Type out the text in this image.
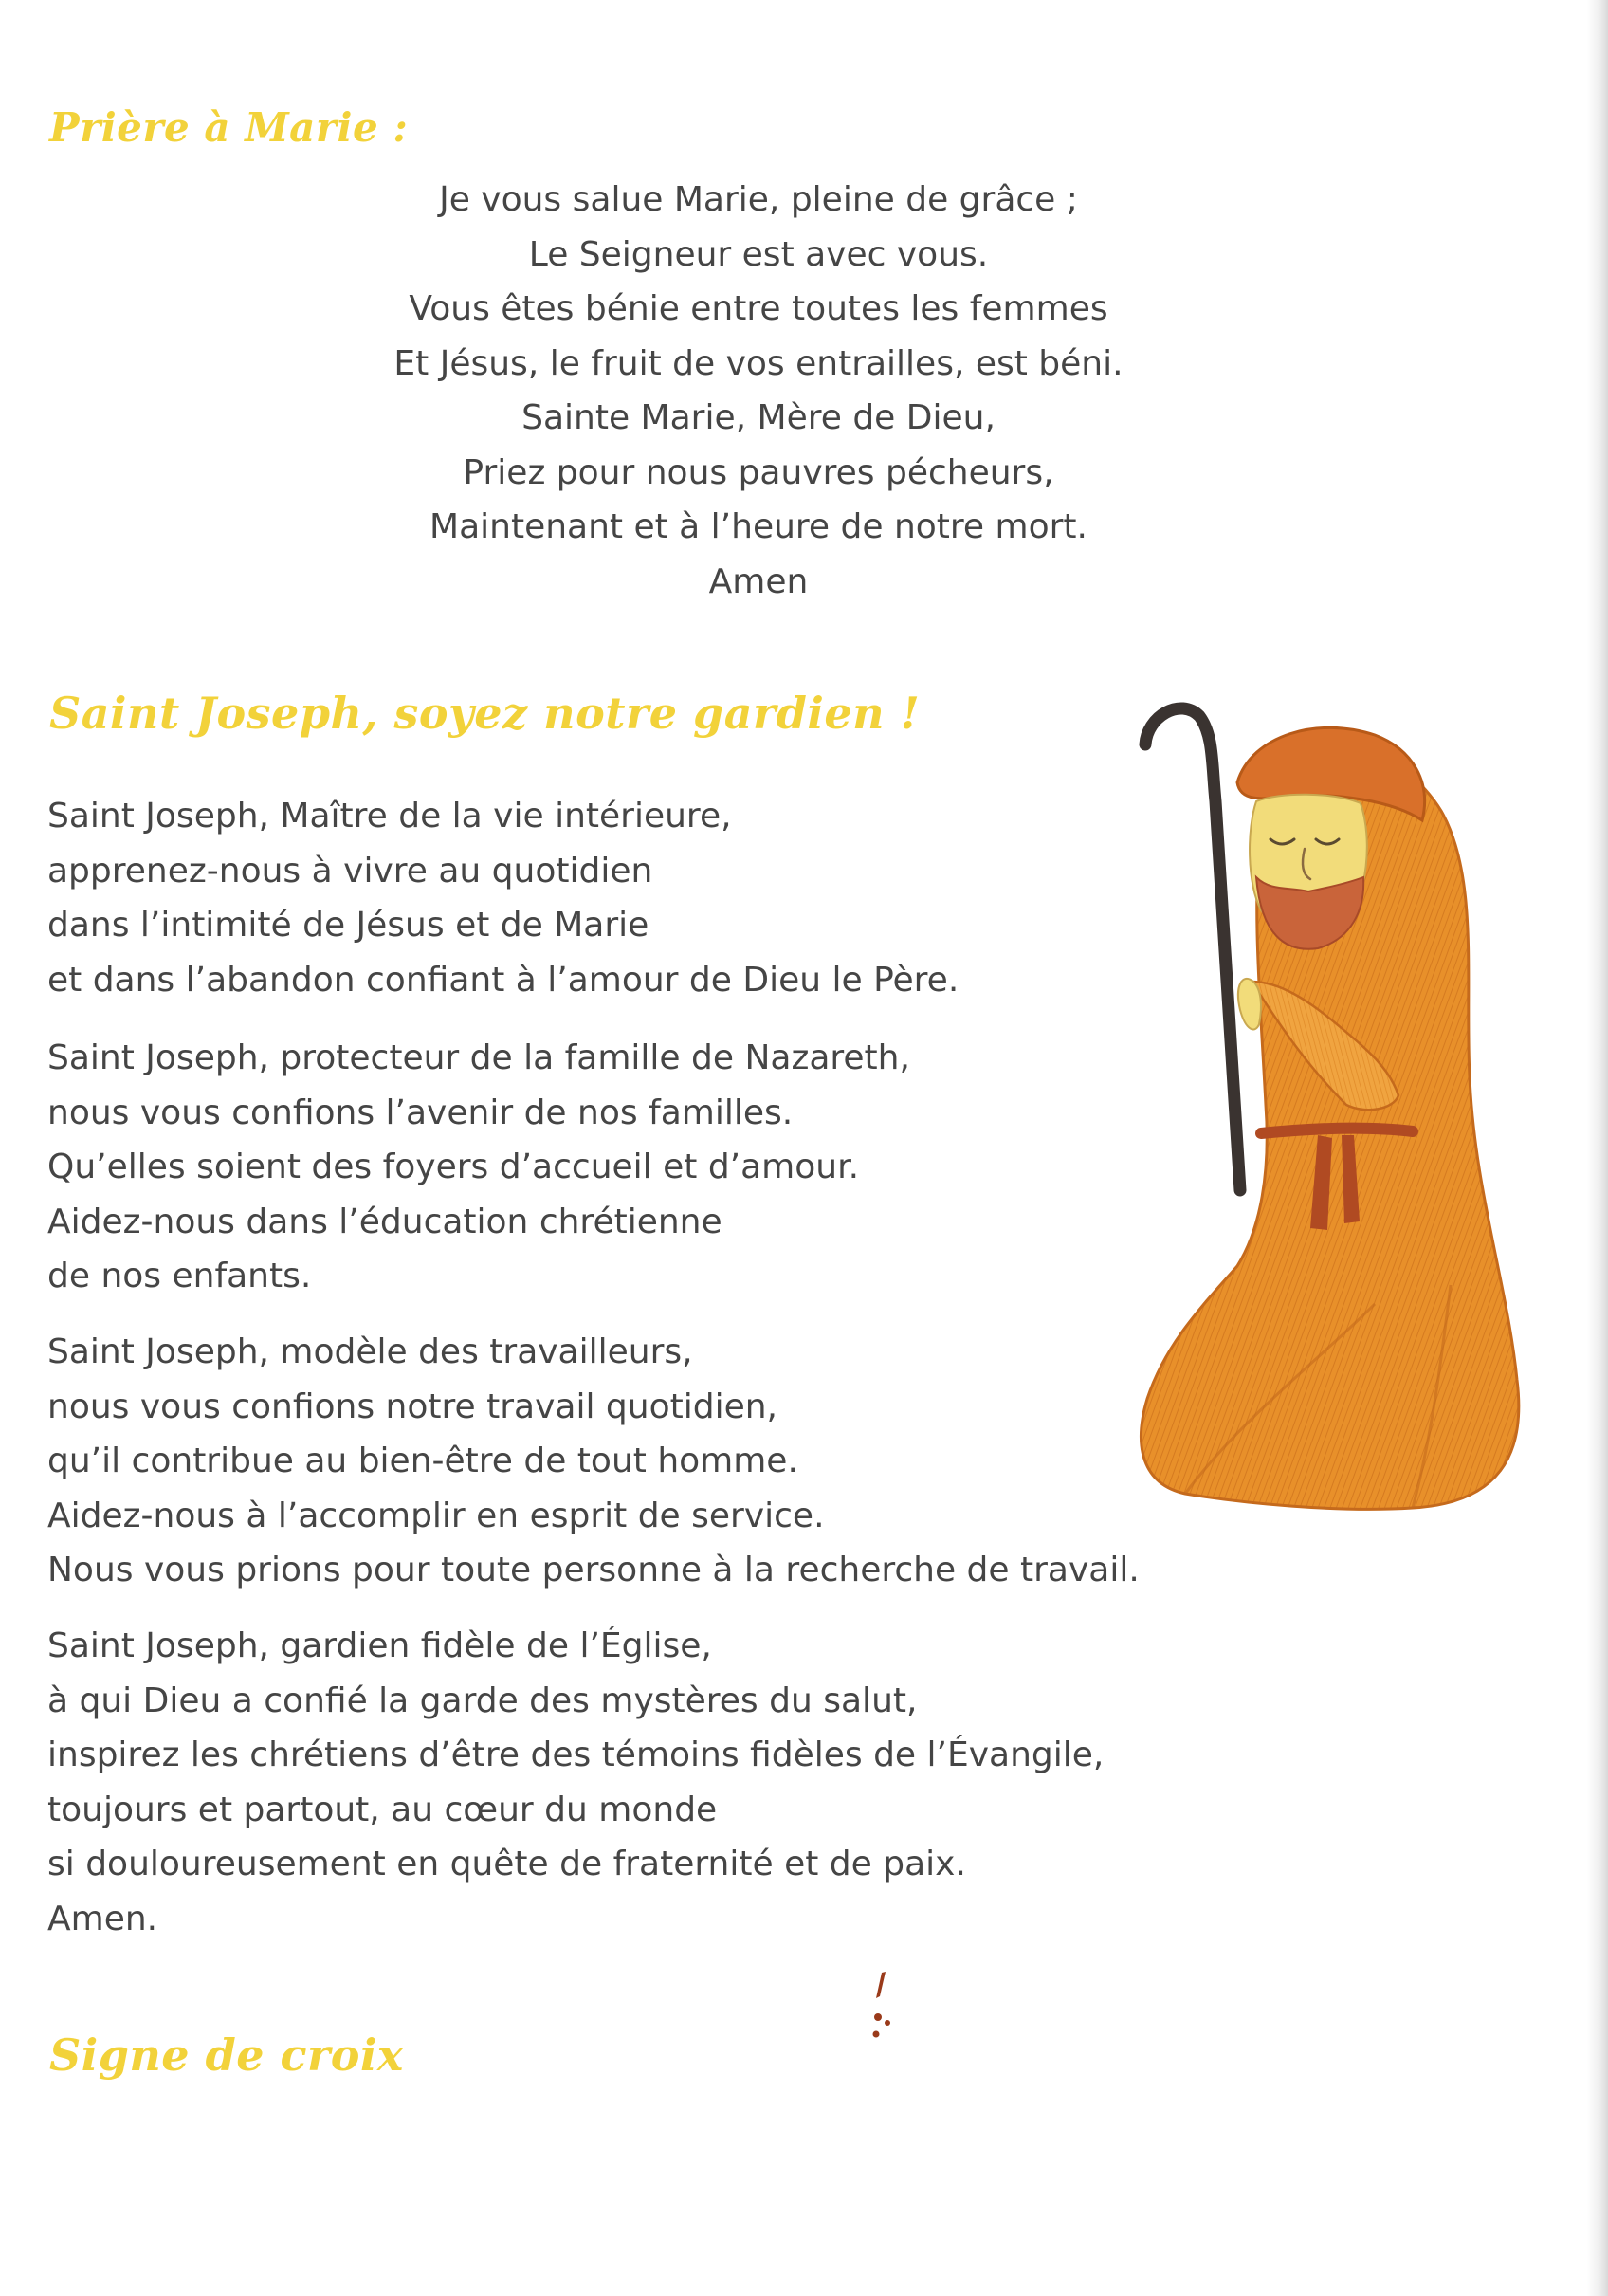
Prière à Marie :
Je vous salue Marie, pleine de grâce ;
Le Seigneur est avec vous.
Vous êtes bénie entre toutes les femmes
Et Jésus, le fruit de vos entrailles, est béni.
Sainte Marie, Mère de Dieu,
Priez pour nous pauvres pécheurs,
Maintenant et à l’heure de notre mort.
Amen
Saint Joseph, soyez notre gardien !
Saint Joseph, Maître de la vie intérieure,
apprenez-nous à vivre au quotidien
dans l’intimité de Jésus et de Marie
et dans l’abandon confiant à l’amour de Dieu le Père.
Saint Joseph, protecteur de la famille de Nazareth,
nous vous confions l’avenir de nos familles.
Qu’elles soient des foyers d’accueil et d’amour.
Aidez-nous dans l’éducation chrétienne
de nos enfants.
Saint Joseph, modèle des travailleurs,
nous vous confions notre travail quotidien,
qu’il contribue au bien-être de tout homme.
Aidez-nous à l’accomplir en esprit de service.
Nous vous prions pour toute personne à la recherche de travail.
Saint Joseph, gardien fidèle de l’Église,
à qui Dieu a confié la garde des mystères du salut,
inspirez les chrétiens d’être des témoins fidèles de l’Évangile,
toujours et partout, au cœur du monde
si douloureusement en quête de fraternité et de paix.
Amen.
Signe de croix
